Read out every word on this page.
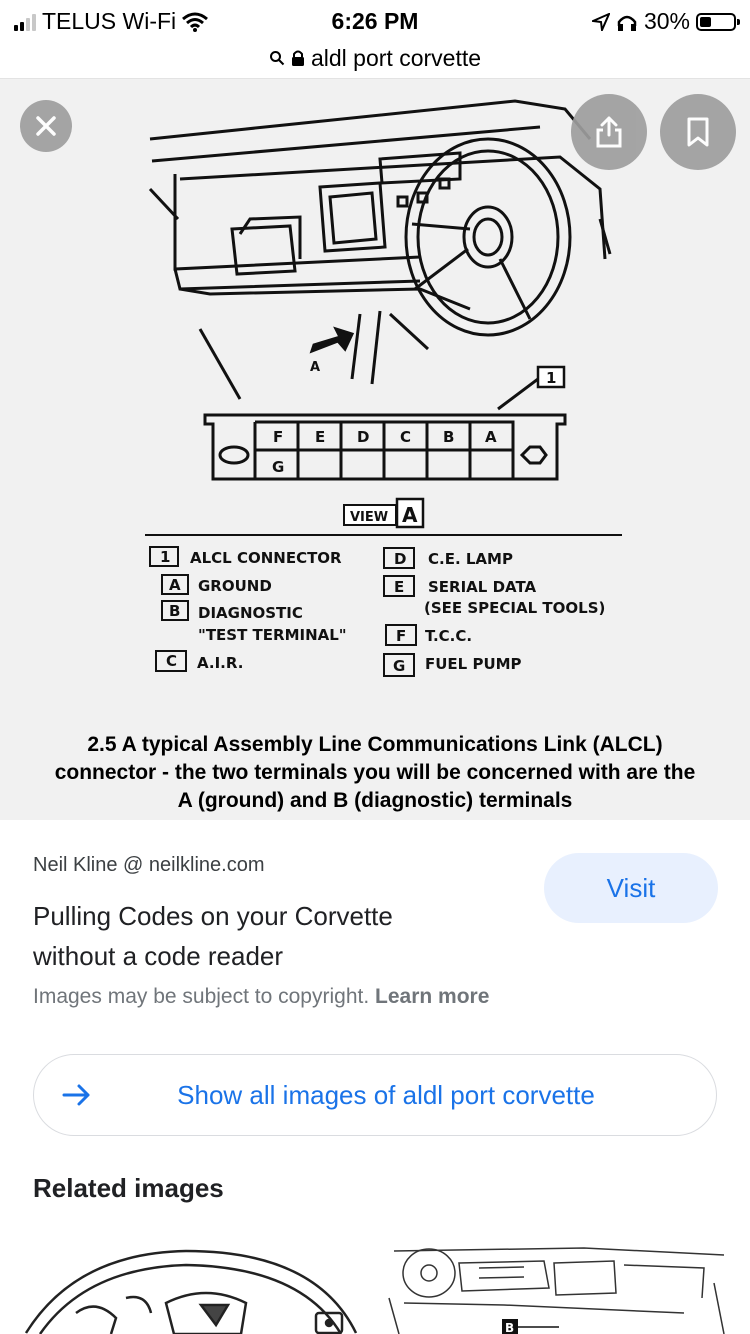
TELUS Wi-Fi	6:26 PM	30%
aldl port corvette
A
1
F E D C B A
G
VIEW A
1 ALCL CONNECTOR
A GROUND
B DIAGNOSTIC
"TEST TERMINAL"
C A.I.R.
D C.E. LAMP
E SERIAL DATA
(SEE SPECIAL TOOLS)
F T.C.C.
G FUEL PUMP
2.5 A typical Assembly Line Communications Link (ALCL)
connector - the two terminals you will be concerned with are the
A (ground) and B (diagnostic) terminals
Neil Kline @ neilkline.com
Pulling Codes on your Corvette
without a code reader
Visit
Images may be subject to copyright. Learn more
Show all images of aldl port corvette
Related images
B
